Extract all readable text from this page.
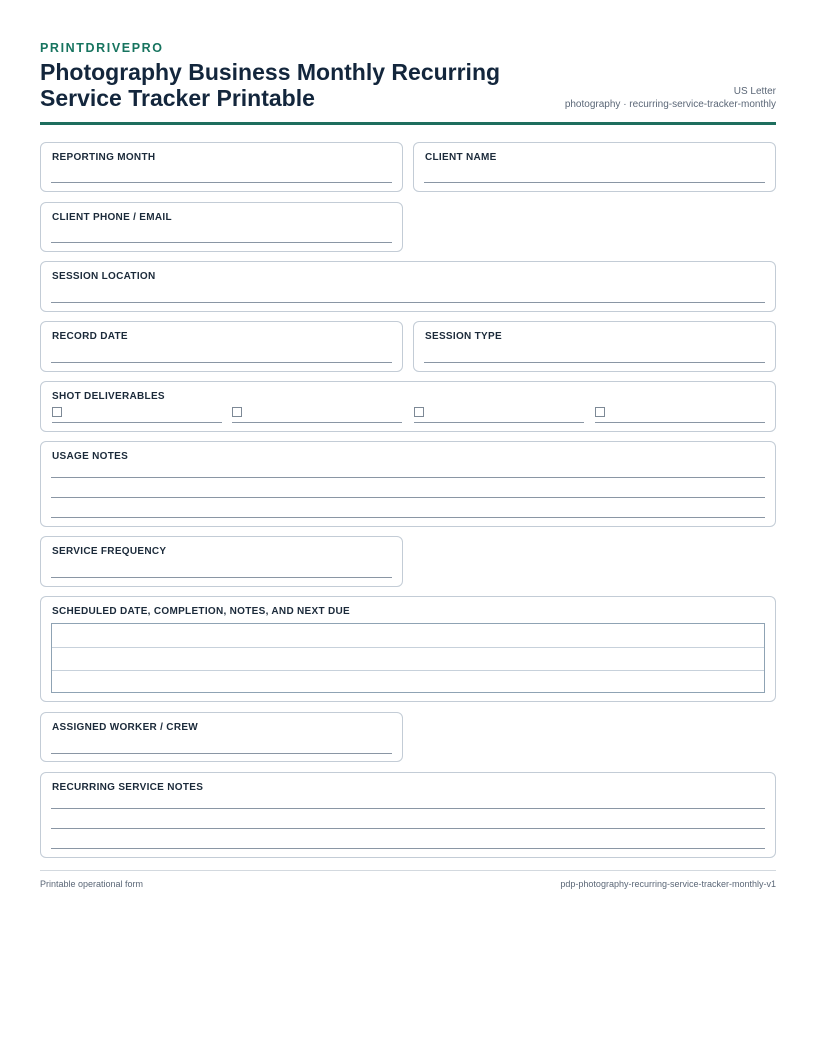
PRINTDRIVEPRO
Photography Business Monthly Recurring Service Tracker Printable	US Letter
photography · recurring-service-tracker-monthly
REPORTING MONTH	CLIENT NAME
CLIENT PHONE / EMAIL
SESSION LOCATION
RECORD DATE	SESSION TYPE
SHOT DELIVERABLES
USAGE NOTES
SERVICE FREQUENCY
SCHEDULED DATE, COMPLETION, NOTES, AND NEXT DUE
ASSIGNED WORKER / CREW
RECURRING SERVICE NOTES
Printable operational form	pdp-photography-recurring-service-tracker-monthly-v1
